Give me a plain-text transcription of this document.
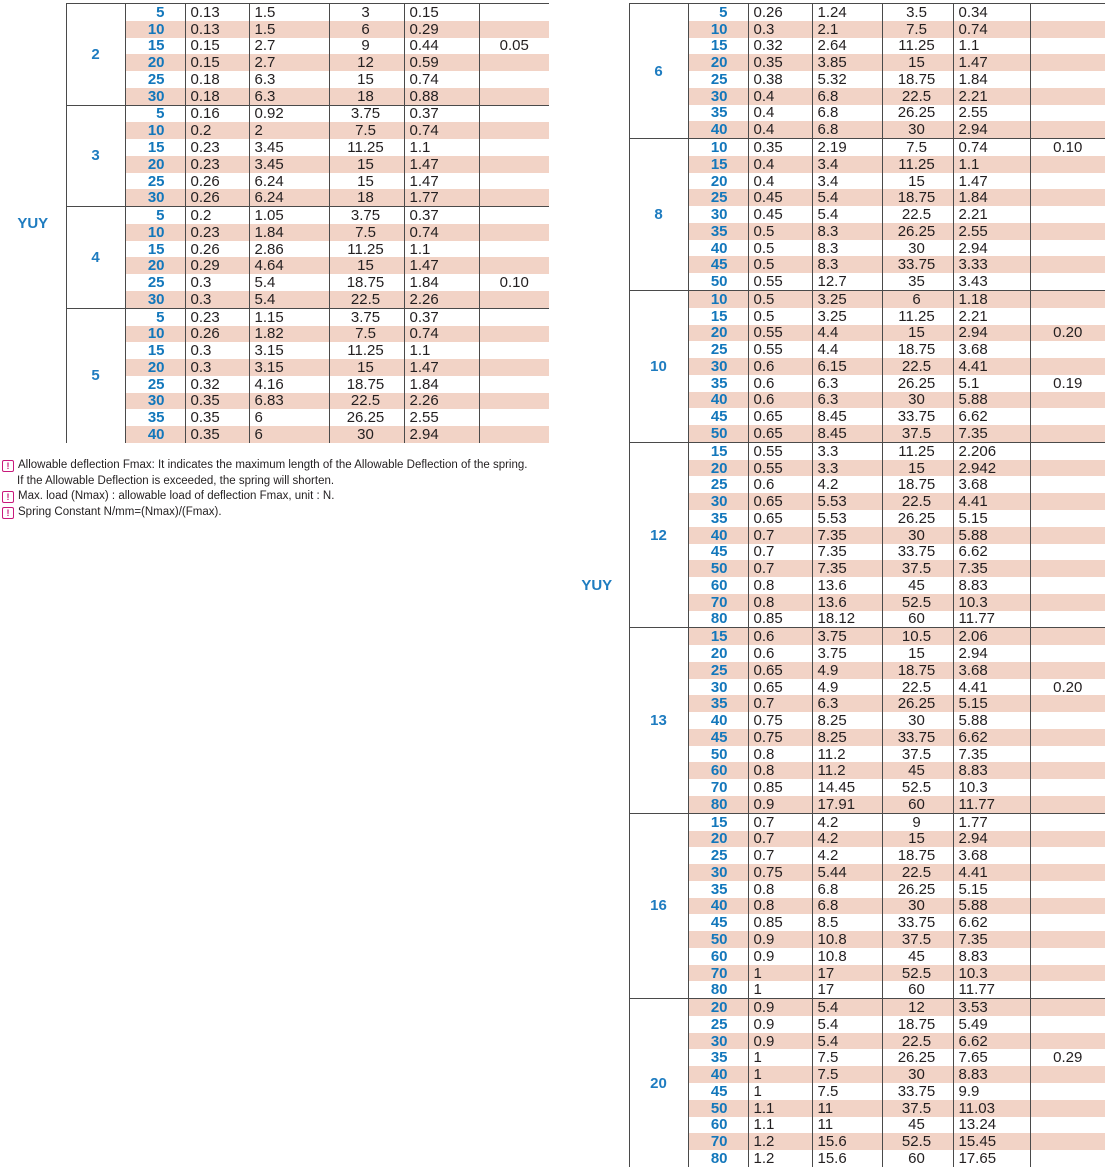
YUY	2	5	0.13	1.5	3	0.15	
		10	0.13	1.5	6	0.29	
		15	0.15	2.7	9	0.44	0.05
		20	0.15	2.7	12	0.59	
		25	0.18	6.3	15	0.74	
		30	0.18	6.3	18	0.88	
	3	5	0.16	0.92	3.75	0.37	
		10	0.2	2	7.5	0.74	
		15	0.23	3.45	11.25	1.1	
		20	0.23	3.45	15	1.47	
		25	0.26	6.24	15	1.47	
		30	0.26	6.24	18	1.77	
	4	5	0.2	1.05	3.75	0.37	
		10	0.23	1.84	7.5	0.74	
		15	0.26	2.86	11.25	1.1	
		20	0.29	4.64	15	1.47	
		25	0.3	5.4	18.75	1.84	0.10
		30	0.3	5.4	22.5	2.26	
	5	5	0.23	1.15	3.75	0.37	
		10	0.26	1.82	7.5	0.74	
		15	0.3	3.15	11.25	1.1	
		20	0.3	3.15	15	1.47	
		25	0.32	4.16	18.75	1.84	
		30	0.35	6.83	22.5	2.26	
		35	0.35	6	26.25	2.55	
		40	0.35	6	30	2.94	
YUY	6	5	0.26	1.24	3.5	0.34	
		10	0.3	2.1	7.5	0.74	
		15	0.32	2.64	11.25	1.1	
		20	0.35	3.85	15	1.47	
		25	0.38	5.32	18.75	1.84	
		30	0.4	6.8	22.5	2.21	
		35	0.4	6.8	26.25	2.55	
		40	0.4	6.8	30	2.94	
	8	10	0.35	2.19	7.5	0.74	0.10
		15	0.4	3.4	11.25	1.1	
		20	0.4	3.4	15	1.47	
		25	0.45	5.4	18.75	1.84	
		30	0.45	5.4	22.5	2.21	
		35	0.5	8.3	26.25	2.55	
		40	0.5	8.3	30	2.94	
		45	0.5	8.3	33.75	3.33	
		50	0.55	12.7	35	3.43	
	10	10	0.5	3.25	6	1.18	
		15	0.5	3.25	11.25	2.21	
		20	0.55	4.4	15	2.94	0.20
		25	0.55	4.4	18.75	3.68	
		30	0.6	6.15	22.5	4.41	
		35	0.6	6.3	26.25	5.1	0.19
		40	0.6	6.3	30	5.88	
		45	0.65	8.45	33.75	6.62	
		50	0.65	8.45	37.5	7.35	
	12	15	0.55	3.3	11.25	2.206	
		20	0.55	3.3	15	2.942	
		25	0.6	4.2	18.75	3.68	
		30	0.65	5.53	22.5	4.41	
		35	0.65	5.53	26.25	5.15	
		40	0.7	7.35	30	5.88	
		45	0.7	7.35	33.75	6.62	
		50	0.7	7.35	37.5	7.35	
		60	0.8	13.6	45	8.83	
		70	0.8	13.6	52.5	10.3	
		80	0.85	18.12	60	11.77	
	13	15	0.6	3.75	10.5	2.06	
		20	0.6	3.75	15	2.94	
		25	0.65	4.9	18.75	3.68	
		30	0.65	4.9	22.5	4.41	0.20
		35	0.7	6.3	26.25	5.15	
		40	0.75	8.25	30	5.88	
		45	0.75	8.25	33.75	6.62	
		50	0.8	11.2	37.5	7.35	
		60	0.8	11.2	45	8.83	
		70	0.85	14.45	52.5	10.3	
		80	0.9	17.91	60	11.77	
	16	15	0.7	4.2	9	1.77	
		20	0.7	4.2	15	2.94	
		25	0.7	4.2	18.75	3.68	
		30	0.75	5.44	22.5	4.41	
		35	0.8	6.8	26.25	5.15	
		40	0.8	6.8	30	5.88	
		45	0.85	8.5	33.75	6.62	
		50	0.9	10.8	37.5	7.35	
		60	0.9	10.8	45	8.83	
		70	1	17	52.5	10.3	
		80	1	17	60	11.77	
	20	20	0.9	5.4	12	3.53	
		25	0.9	5.4	18.75	5.49	
		30	0.9	5.4	22.5	6.62	
		35	1	7.5	26.25	7.65	0.29
		40	1	7.5	30	8.83	
		45	1	7.5	33.75	9.9	
		50	1.1	11	37.5	11.03	
		60	1.1	11	45	13.24	
		70	1.2	15.6	52.5	15.45	
		80	1.2	15.6	60	17.65	
! Allowable deflection Fmax: It indicates the maximum length of the Allowable Deflection of the spring.
If the Allowable Deflection is exceeded, the spring will shorten.
! Max. load (Nmax) : allowable load of deflection Fmax, unit : N.
! Spring Constant N/mm=(Nmax)/(Fmax).
